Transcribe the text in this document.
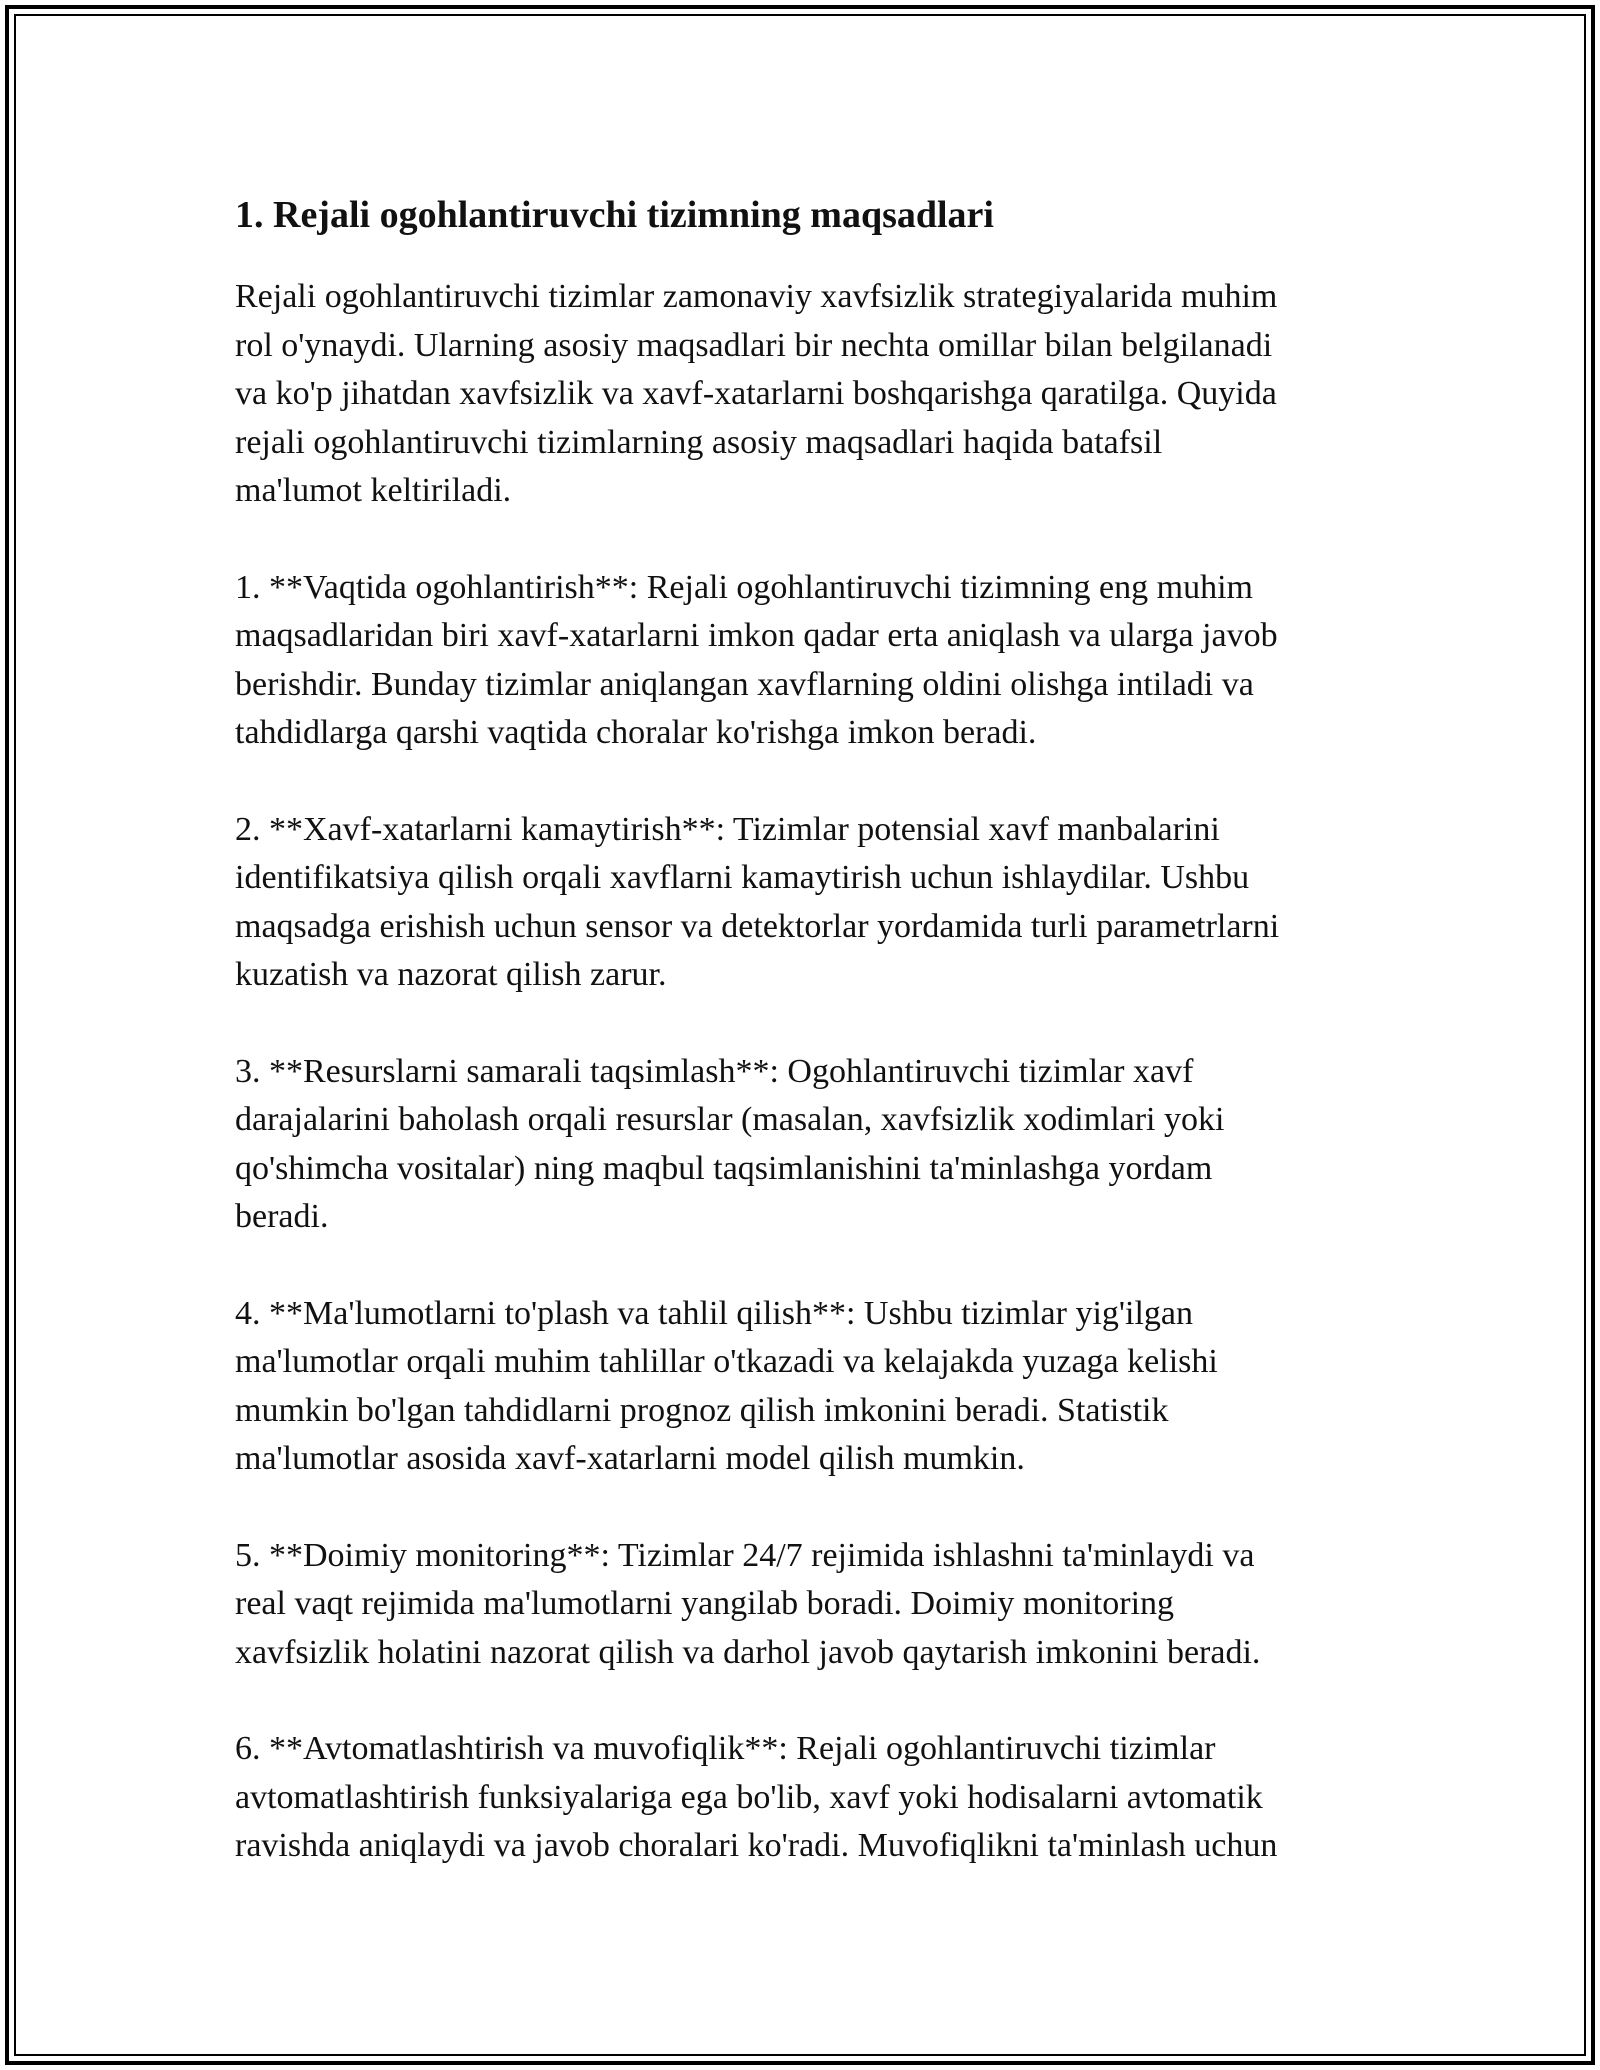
1. Rejali ogohlantiruvchi tizimning maqsadlari

Rejali ogohlantiruvchi tizimlar zamonaviy xavfsizlik strategiyalarida muhim
rol o'ynaydi. Ularning asosiy maqsadlari bir nechta omillar bilan belgilanadi
va ko'p jihatdan xavfsizlik va xavf-xatarlarni boshqarishga qaratilga. Quyida
rejali ogohlantiruvchi tizimlarning asosiy maqsadlari haqida batafsil
ma'lumot keltiriladi.

1. **Vaqtida ogohlantirish**: Rejali ogohlantiruvchi tizimning eng muhim
maqsadlaridan biri xavf-xatarlarni imkon qadar erta aniqlash va ularga javob
berishdir. Bunday tizimlar aniqlangan xavflarning oldini olishga intiladi va
tahdidlarga qarshi vaqtida choralar ko'rishga imkon beradi.

2. **Xavf-xatarlarni kamaytirish**: Tizimlar potensial xavf manbalarini
identifikatsiya qilish orqali xavflarni kamaytirish uchun ishlaydilar. Ushbu
maqsadga erishish uchun sensor va detektorlar yordamida turli parametrlarni
kuzatish va nazorat qilish zarur.

3. **Resurslarni samarali taqsimlash**: Ogohlantiruvchi tizimlar xavf
darajalarini baholash orqali resurslar (masalan, xavfsizlik xodimlari yoki
qo'shimcha vositalar) ning maqbul taqsimlanishini ta'minlashga yordam
beradi.

4. **Ma'lumotlarni to'plash va tahlil qilish**: Ushbu tizimlar yig'ilgan
ma'lumotlar orqali muhim tahlillar o'tkazadi va kelajakda yuzaga kelishi
mumkin bo'lgan tahdidlarni prognoz qilish imkonini beradi. Statistik
ma'lumotlar asosida xavf-xatarlarni model qilish mumkin.

5. **Doimiy monitoring**: Tizimlar 24/7 rejimida ishlashni ta'minlaydi va
real vaqt rejimida ma'lumotlarni yangilab boradi. Doimiy monitoring
xavfsizlik holatini nazorat qilish va darhol javob qaytarish imkonini beradi.

6. **Avtomatlashtirish va muvofiqlik**: Rejali ogohlantiruvchi tizimlar
avtomatlashtirish funksiyalariga ega bo'lib, xavf yoki hodisalarni avtomatik
ravishda aniqlaydi va javob choralari ko'radi. Muvofiqlikni ta'minlash uchun
